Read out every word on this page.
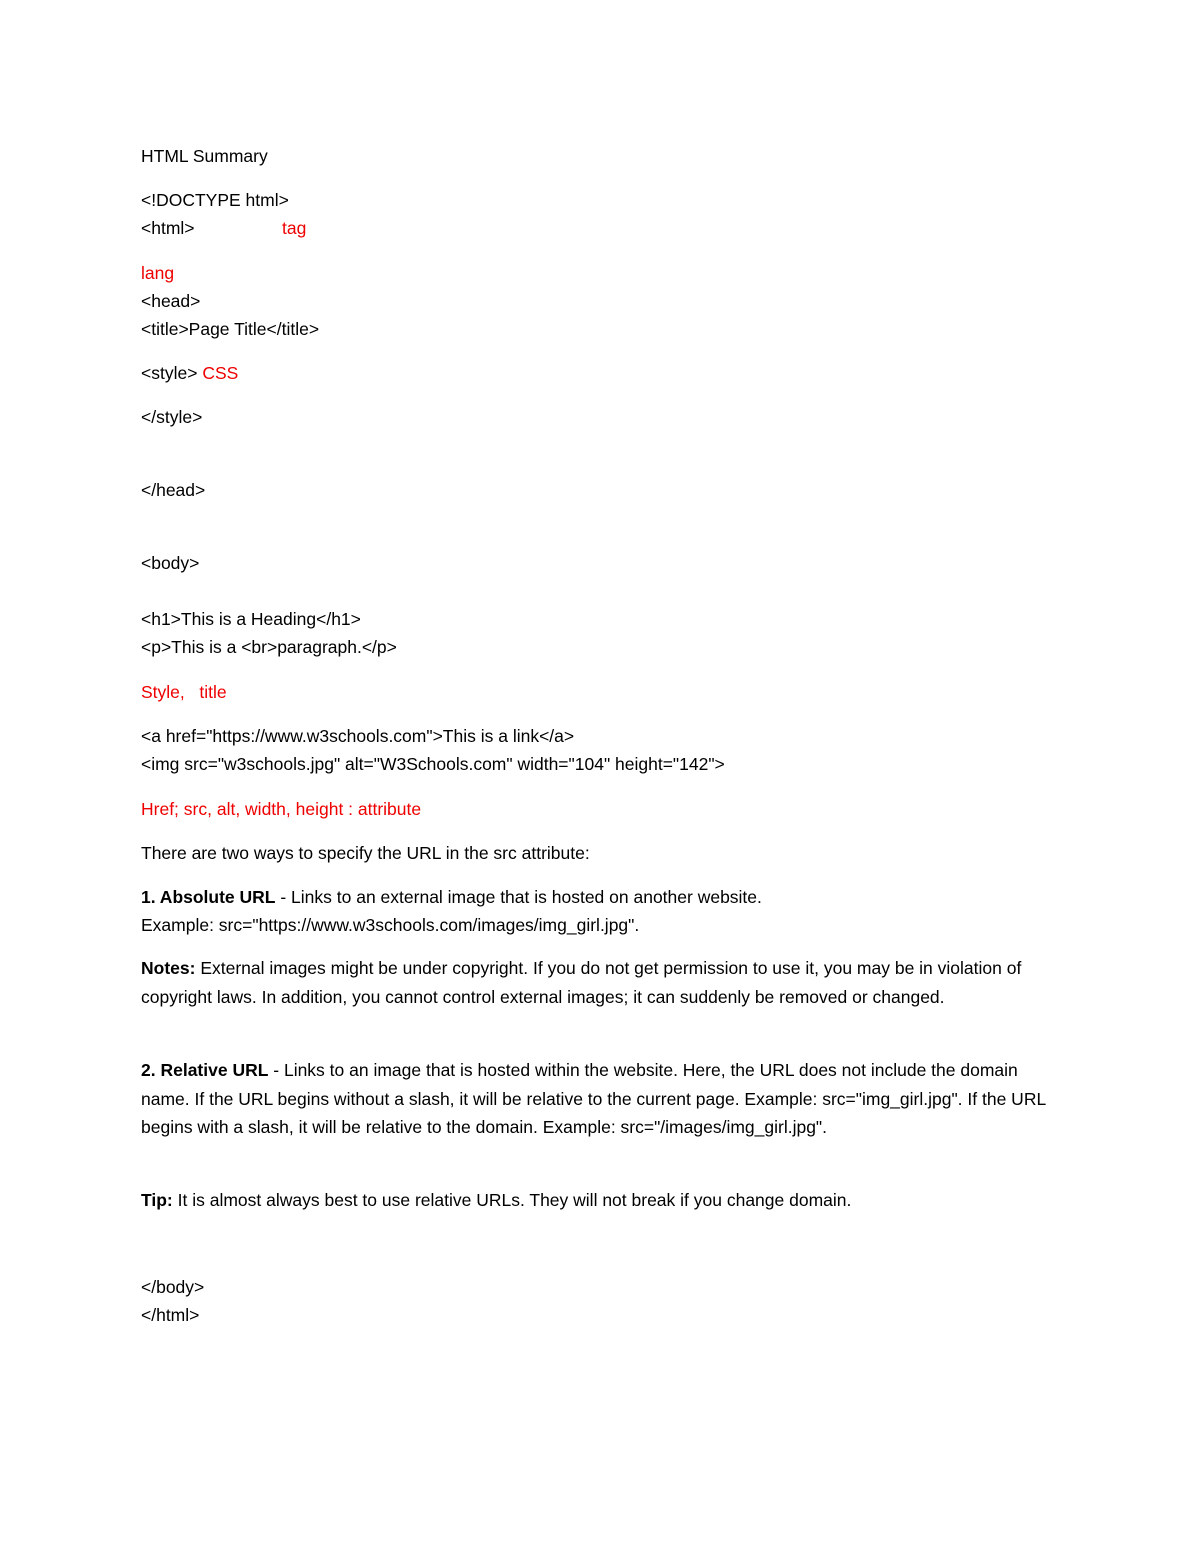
HTML Summary
<!DOCTYPE html>
<html>	tag
lang
<head>
<title>Page Title</title>
<style> CSS
</style>
</head>
<body>
<h1>This is a Heading</h1>
<p>This is a <br>paragraph.</p>
Style,   title
<a href="https://www.w3schools.com">This is a link</a>
<img src="w3schools.jpg" alt="W3Schools.com" width="104" height="142">
Href; src, alt, width, height : attribute
There are two ways to specify the URL in the src attribute:
1. Absolute URL - Links to an external image that is hosted on another website.
Example: src="https://www.w3schools.com/images/img_girl.jpg".
Notes: External images might be under copyright. If you do not get permission to use it, you may be in violation of copyright laws. In addition, you cannot control external images; it can suddenly be removed or changed.
2. Relative URL - Links to an image that is hosted within the website. Here, the URL does not include the domain name. If the URL begins without a slash, it will be relative to the current page. Example: src="img_girl.jpg". If the URL begins with a slash, it will be relative to the domain. Example: src="/images/img_girl.jpg".
Tip: It is almost always best to use relative URLs. They will not break if you change domain.
</body>
</html>
